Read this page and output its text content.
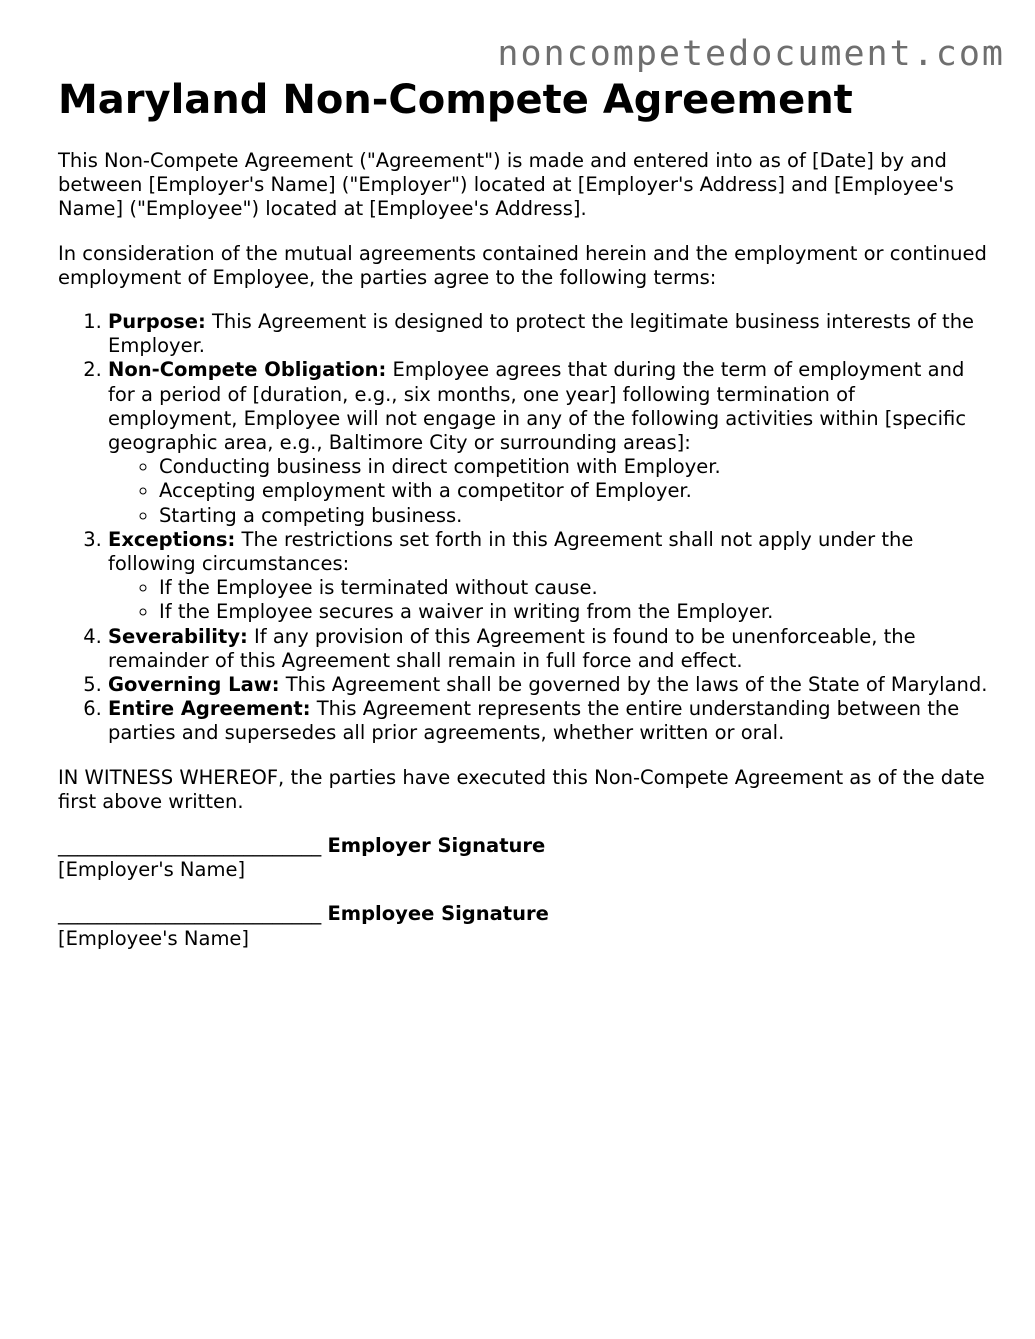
noncompetedocument.com
Maryland Non-Compete Agreement

This Non-Compete Agreement ("Agreement") is made and entered into as of [Date] by and between [Employer's Name] ("Employer") located at [Employer's Address] and [Employee's Name] ("Employee") located at [Employee's Address].

In consideration of the mutual agreements contained herein and the employment or continued employment of Employee, the parties agree to the following terms:

1. Purpose: This Agreement is designed to protect the legitimate business interests of the Employer.
2. Non-Compete Obligation: Employee agrees that during the term of employment and for a period of [duration, e.g., six months, one year] following termination of employment, Employee will not engage in any of the following activities within [specific geographic area, e.g., Baltimore City or surrounding areas]:
◦ Conducting business in direct competition with Employer.
◦ Accepting employment with a competitor of Employer.
◦ Starting a competing business.
3. Exceptions: The restrictions set forth in this Agreement shall not apply under the following circumstances:
◦ If the Employee is terminated without cause.
◦ If the Employee secures a waiver in writing from the Employer.
4. Severability: If any provision of this Agreement is found to be unenforceable, the remainder of this Agreement shall remain in full force and effect.
5. Governing Law: This Agreement shall be governed by the laws of the State of Maryland.
6. Entire Agreement: This Agreement represents the entire understanding between the parties and supersedes all prior agreements, whether written or oral.

IN WITNESS WHEREOF, the parties have executed this Non-Compete Agreement as of the date first above written.

___________________________ Employer Signature
[Employer's Name]
___________________________ Employee Signature
[Employee's Name]
